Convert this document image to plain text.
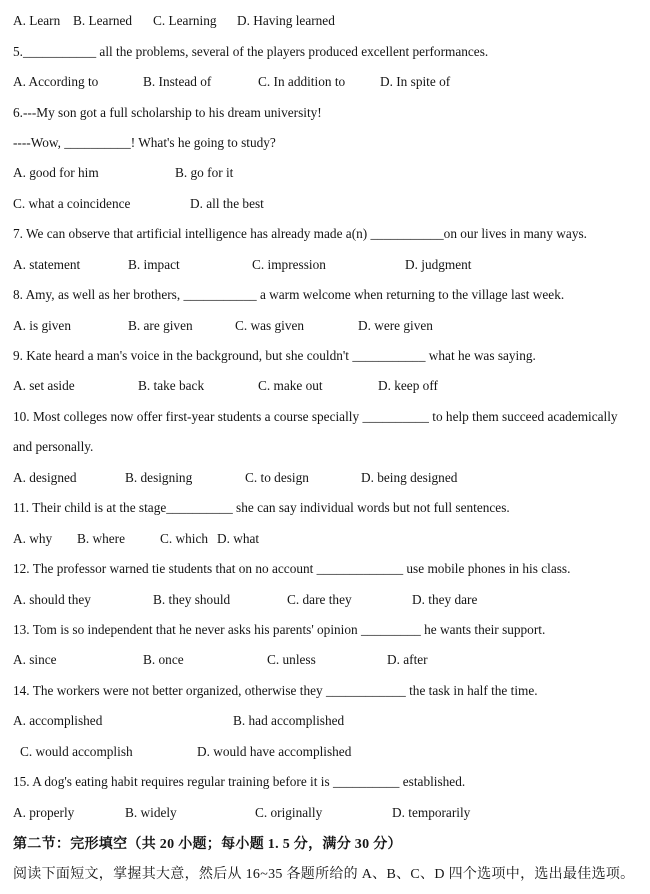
A. Learn B. Learned C. Learning D. Having learned
5.___________ all the problems, several of the players produced excellent performances.
A. According to	B. Instead of	C. In addition to	D. In spite of
6.---My son got a full scholarship to his dream university!
----Wow, __________! What's he going to study?
A. good for him	B. go for it
C. what a coincidence	D. all the best
7. We can observe that artificial intelligence has already made a(n) ___________on our lives in many ways.
A. statement	B. impact	C. impression	D. judgment
8. Amy, as well as her brothers, ___________ a warm welcome when returning to the village last week.
A. is given	B. are given	C. was given	D. were given
9. Kate heard a man's voice in the background, but she couldn't ___________ what he was saying.
A. set aside	B. take back	C. make out	D. keep off
10. Most colleges now offer first-year students a course specially __________ to help them succeed academically
and personally.
A. designed	B. designing	C. to design	D. being designed
11. Their child is at the stage__________ she can say individual words but not full sentences.
A. why B. where	C. which D. what
12. The professor warned tie students that on no account _____________ use mobile phones in his class.
A. should they	B. they should	C. dare they	D. they dare
13. Tom is so independent that he never asks his parents' opinion _________ he wants their support.
A. since	B. once	C. unless	D. after
14. The workers were not better organized, otherwise they ____________ the task in half the time.
A. accomplished	B. had accomplished
C. would accomplish	D. would have accomplished
15. A dog's eating habit requires regular training before it is __________ established.
A. properly	B. widely	C. originally	D. temporarily
第二节：完形填空（共 20 小题；每小题 1. 5 分，满分 30 分）
阅读下面短文，掌握其大意，然后从 16~35 各题所给的 A、B、C、D 四个选项中，选出最佳选项。
